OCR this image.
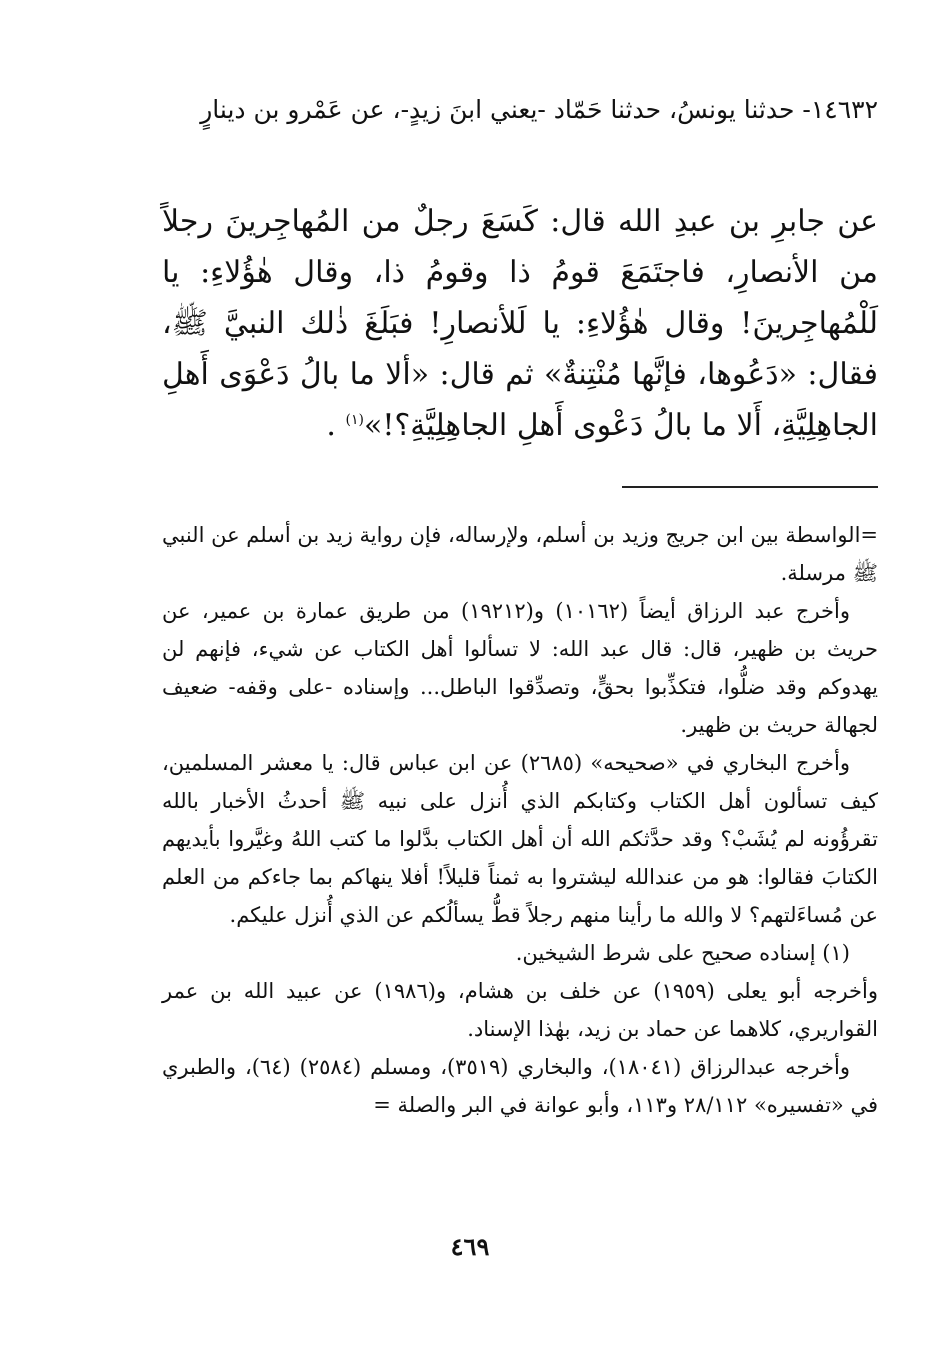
١٤٦٣٢- حدثنا يونسُ، حدثنا حَمّاد -يعني ابنَ زيدٍ-، عن عَمْرو بن دينارٍ

عن جابرِ بن عبدِ الله قال: كَسَعَ رجلٌ من المُهاجِرينَ رجلاً من الأنصارِ، فاجتَمَعَ قومُ ذا وقومُ ذا، وقال هٰؤُلاءِ: يا لَلْمُهاجِرينَ! وقال هٰؤُلاءِ: يا لَلأنصارِ! فبَلَغَ ذٰلك النبيَّ ﷺ، فقال: «دَعُوها، فإنَّها مُنْتِنةٌ» ثم قال: «ألا ما بالُ دَعْوَى أَهلِ الجاهِلِيَّةِ، أَلا ما بالُ دَعْوى أَهلِ الجاهِلِيَّةِ؟!»$^{(١)}$ .

=الواسطة بين ابن جريج وزيد بن أسلم، ولإرساله، فإن رواية زيد بن أسلم عن النبي ﷺ مرسلة.

وأخرج عبد الرزاق أيضاً (١٠١٦٢) و(١٩٢١٢) من طريق عمارة بن عمير، عن حريث بن ظهير، قال: قال عبد الله: لا تسألوا أهل الكتاب عن شيء، فإنهم لن يهدوكم وقد ضلُّوا، فتكذِّبوا بحقٍّ، وتصدِّقوا الباطل... وإسناده -على وقفه- ضعيف لجهالة حريث بن ظهير.

وأخرج البخاري في «صحيحه» (٢٦٨٥) عن ابن عباس قال: يا معشر المسلمين، كيف تسألون أهل الكتاب وكتابكم الذي أُنزل على نبيه ﷺ أحدثُ الأخبار بالله تقرؤُونه لم يُشَبْ؟ وقد حدَّثكم الله أن أهل الكتاب بدَّلوا ما كتب اللهُ وغيَّروا بأيديهم الكتابَ فقالوا: هو من عندالله ليشتروا به ثمناً قليلاً! أفلا ينهاكم بما جاءكم من العلم عن مُساءَلتهم؟ لا والله ما رأينا منهم رجلاً قطُّ يسألُكم عن الذي أُنزل عليكم.

(١) إسناده صحيح على شرط الشيخين.

وأخرجه أبو يعلى (١٩٥٩) عن خلف بن هشام، و(١٩٨٦) عن عبيد الله بن عمر القواريري، كلاهما عن حماد بن زيد، بهٰذا الإسناد.

وأخرجه عبدالرزاق (١٨٠٤١)، والبخاري (٣٥١٩)، ومسلم (٢٥٨٤) (٦٤)، والطبري في «تفسيره» ٢٨/١١٢ و١١٣، وأبو عوانة في البر والصلة =

٤٦٩
